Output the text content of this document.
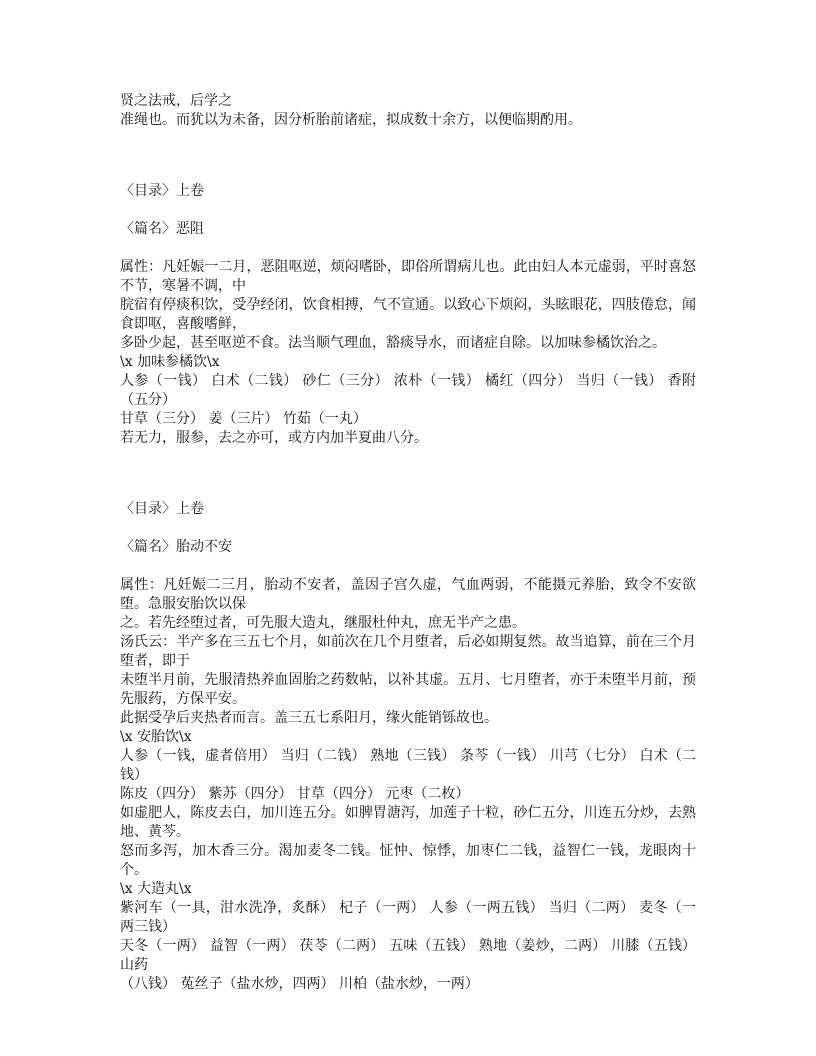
贤之法戒，后学之
准绳也。而犹以为未备，因分析胎前诸症，拟成数十余方，以便临期酌用。
〈目录〉上卷
〈篇名〉恶阻
属性：凡妊娠一二月，恶阻呕逆，烦闷嗜卧，即俗所谓病儿也。此由妇人本元虚弱，平时喜怒不节，寒暑不调，中
脘宿有停痰积饮，受孕经闭，饮食相搏，气不宣通。以致心下烦闷，头眩眼花，四肢倦怠，闻食即呕，喜酸嗜鲜，
多卧少起，甚至呕逆不食。法当顺气理血，豁痰导水，而诸症自除。以加味参橘饮治之。
\x 加味参橘饮\x
人参（一钱） 白术（二钱） 砂仁（三分） 浓朴（一钱） 橘红（四分） 当归（一钱） 香附（五分）
甘草（三分） 姜（三片） 竹茹（一丸）
若无力，服参，去之亦可，或方内加半夏曲八分。
〈目录〉上卷
〈篇名〉胎动不安
属性：凡妊娠二三月，胎动不安者，盖因子宫久虚，气血两弱，不能摄元养胎，致令不安欲堕。急服安胎饮以保
之。若先经堕过者，可先服大造丸，继服杜仲丸，庶无半产之患。
汤氏云：半产多在三五七个月，如前次在几个月堕者，后必如期复然。故当追算，前在三个月堕者，即于
未堕半月前，先服清热养血固胎之药数帖，以补其虚。五月、七月堕者，亦于未堕半月前，预先服药，方保平安。
此据受孕后夹热者而言。盖三五七系阳月，缘火能销铄故也。
\x 安胎饮\x
人参（一钱，虚者倍用） 当归（二钱） 熟地（三钱） 条芩（一钱） 川芎（七分） 白术（二钱）
陈皮（四分） 紫苏（四分） 甘草（四分） 元枣（二枚）
如虚肥人，陈皮去白，加川连五分。如脾胃溏泻，加莲子十粒，砂仁五分，川连五分炒，去熟地、黄芩。
怒而多泻，加木香三分。渴加麦冬二钱。怔忡、惊悸，加枣仁二钱，益智仁一钱，龙眼肉十个。
\x 大造丸\x
紫河车（一具，泔水洗净，炙酥） 杞子（一两） 人参（一两五钱） 当归（二两） 麦冬（一两三钱）
天冬（一两） 益智（一两） 茯苓（二两） 五味（五钱） 熟地（姜炒，二两） 川膝（五钱）山药
（八钱） 菟丝子（盐水炒，四两） 川柏（盐水炒，一两）
